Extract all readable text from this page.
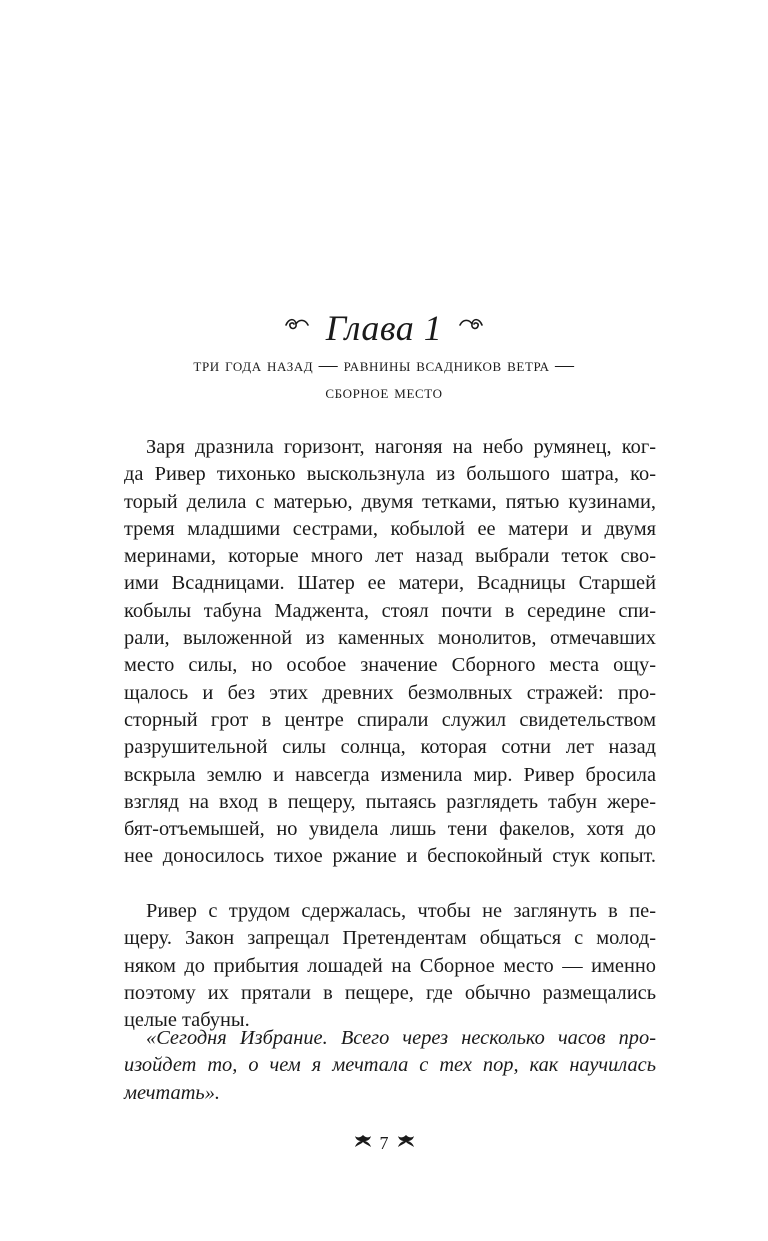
Глава 1
три года назад — равнины всадников ветра —
сборное место
Заря дразнила горизонт, нагоняя на небо румянец, ког-
да Ривер тихонько выскользнула из большого шатра, ко-
торый делила с матерью, двумя тетками, пятью кузинами,
тремя младшими сестрами, кобылой ее матери и двумя
меринами, которые много лет назад выбрали теток сво-
ими Всадницами. Шатер ее матери, Всадницы Старшей
кобылы табуна Маджента, стоял почти в середине спи-
рали, выложенной из каменных монолитов, отмечавших
место силы, но особое значение Сборного места ощу-
щалось и без этих древних безмолвных стражей: про-
сторный грот в центре спирали служил свидетельством
разрушительной силы солнца, которая сотни лет назад
вскрыла землю и навсегда изменила мир. Ривер бросила
взгляд на вход в пещеру, пытаясь разглядеть табун жере-
бят-отъемышей, но увидела лишь тени факелов, хотя до
нее доносилось тихое ржание и беспокойный стук копыт.
Ривер с трудом сдержалась, чтобы не заглянуть в пе-
щеру. Закон запрещал Претендентам общаться с молод-
няком до прибытия лошадей на Сборное место — именно
поэтому их прятали в пещере, где обычно размещались
целые табуны.
«Сегодня Избрание. Всего через несколько часов про-
изойдет то, о чем я мечтала с тех пор, как научилась
мечтать».
7
